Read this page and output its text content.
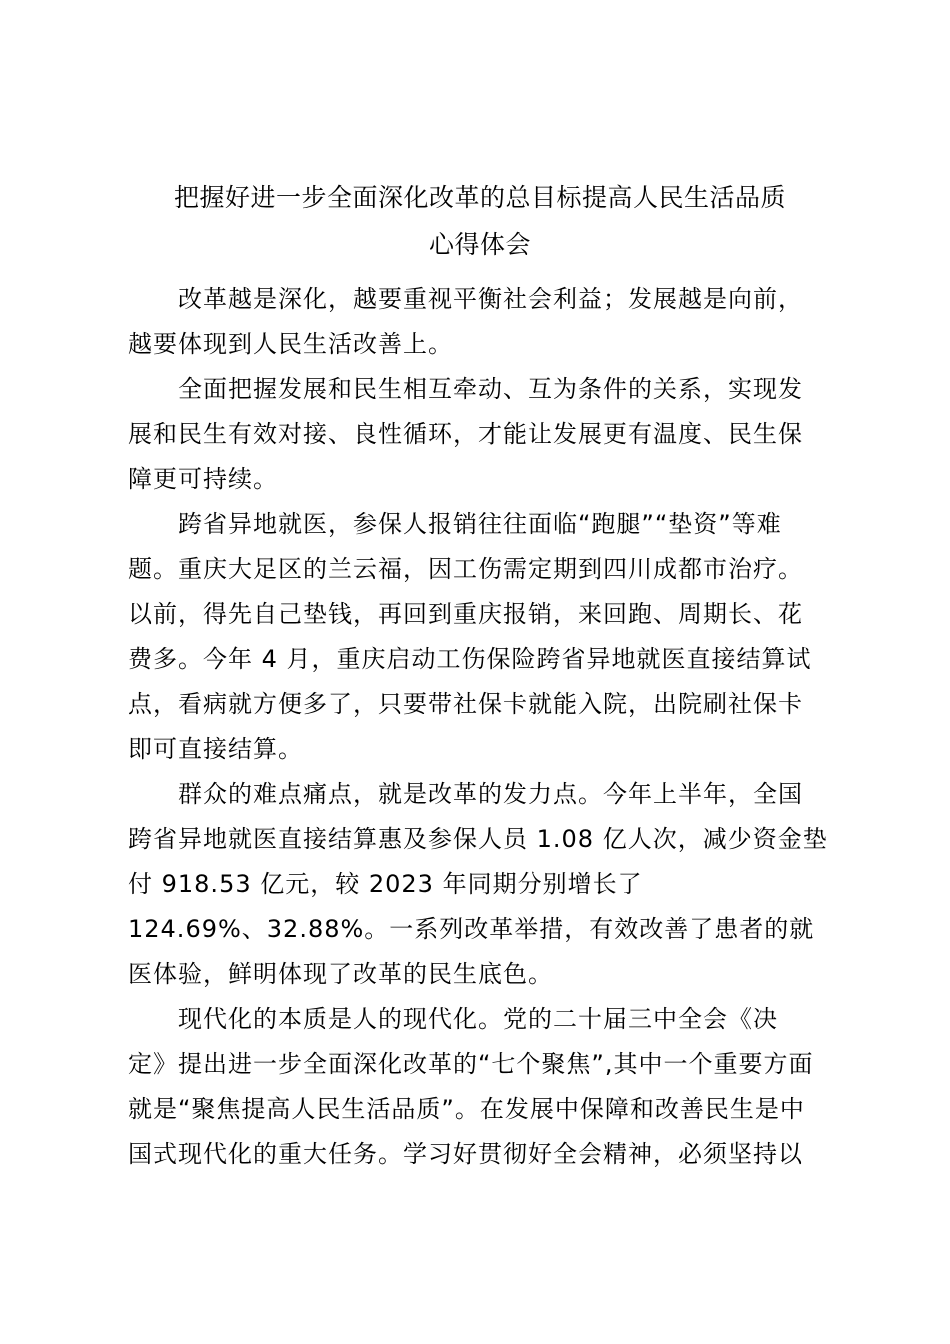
把握好进一步全面深化改革的总目标提高人民生活品质
心得体会
改革越是深化，越要重视平衡社会利益；发展越是向前，
越要体现到人民生活改善上。
全面把握发展和民生相互牵动、互为条件的关系，实现发
展和民生有效对接、良性循环，才能让发展更有温度、民生保
障更可持续。
跨省异地就医，参保人报销往往面临“跑腿”“垫资”等难
题。重庆大足区的兰云福，因工伤需定期到四川成都市治疗。
以前，得先自己垫钱，再回到重庆报销，来回跑、周期长、花
费多。今年 4 月，重庆启动工伤保险跨省异地就医直接结算试
点，看病就方便多了，只要带社保卡就能入院，出院刷社保卡
即可直接结算。
群众的难点痛点，就是改革的发力点。今年上半年，全国
跨省异地就医直接结算惠及参保人员 1.08 亿人次，减少资金垫
付 918.53 亿元，较 2023 年同期分别增长了
124.69%、32.88%。一系列改革举措，有效改善了患者的就
医体验，鲜明体现了改革的民生底色。
现代化的本质是人的现代化。党的二十届三中全会《决
定》提出进一步全面深化改革的“七个聚焦”,其中一个重要方面
就是“聚焦提高人民生活品质”。在发展中保障和改善民生是中
国式现代化的重大任务。学习好贯彻好全会精神，必须坚持以
